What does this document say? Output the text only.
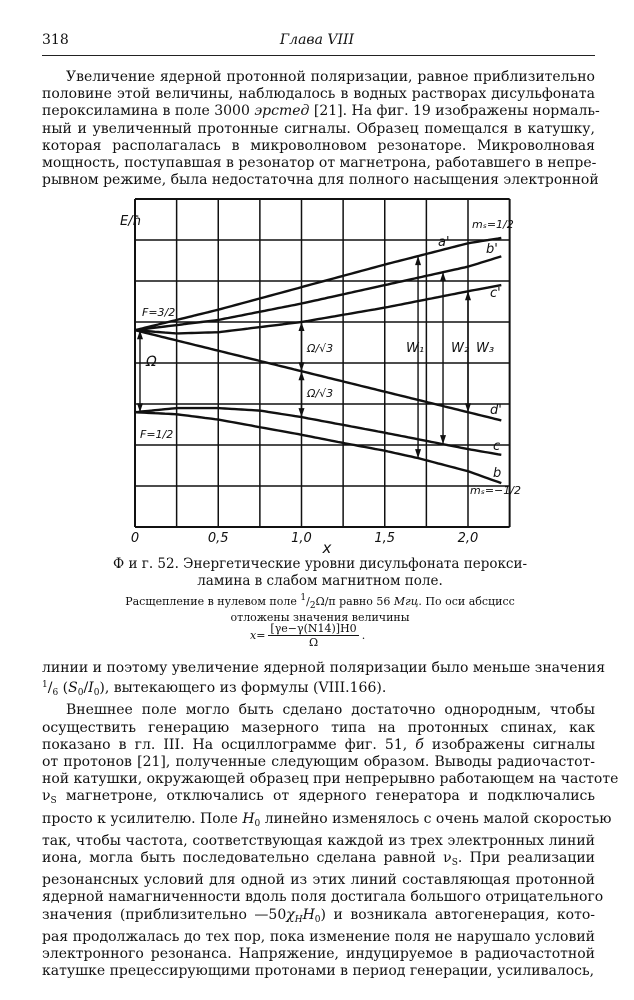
318	Глава VIII
Увеличение ядерной протонной поляризации, равное приблизительно
половине этой величины, наблюдалось в водных растворах дисульфоната
пероксиламина в поле 3000 эрстед [21]. На фиг. 19 изображены нормаль-
ный и увеличенный протонные сигналы. Образец помещался в катушку,
которая располагалась в микроволновом резонаторе. Микроволновая
мощность, поступавшая в резонатор от магнетрона, работавшего в непре-
рывном режиме, была недостаточна для полного насыщения электронной
a'	b'
c'
d'
c
b
W₁ W₂ W₃
F=3/2
F=1/2
mₛ=1/2
mₛ=−1/2
Ω
Ω/√3
Ω/√3
E/ħ
x
0	0,5	1,0	1,5	2,0
Ф и г. 52. Энергетические уровни дисульфоната перокси-
ламина в слабом магнитном поле.
Расщепление в нулевом поле $^1/_2\Omega/\pi$ равно 56 Мгц. По оси абсцисс
отложены значения величины
$x= \frac{[\gamma e-\gamma(N14)]H0}{\Omega}$ .
линии и поэтому увеличение ядерной поляризации было меньше значения
$^1/_6$ $(S_0/I_0)$, вытекающего из формулы (VIII.166).
Внешнее поле могло быть сделано достаточно однородным, чтобы
осуществить генерацию мазерного типа на протонных спинах, как
показано в гл. III. На осциллограмме фиг. 51, б изображены сигналы
от протонов [21], полученные следующим образом. Выводы радиочастот-
ной катушки, окружающей образец при непрерывно работающем на частоте
$\nu_S$ магнетроне, отключались от ядерного генератора и подключались
просто к усилителю. Поле $H_0$ линейно изменялось с очень малой скоростью
так, чтобы частота, соответствующая каждой из трех электронных линий
иона, могла быть последовательно сделана равной $\nu_S$. При реализации
резонансных условий для одной из этих линий составляющая протонной
ядерной намагниченности вдоль поля достигала большого отрицательного
значения (приблизительно $—50\chi_HH_0$) и возникала автогенерация, кото-
рая продолжалась до тех пор, пока изменение поля не нарушало условий
электронного резонанса. Напряжение, индуцируемое в радиочастотной
катушке прецессирующими протонами в период генерации, усиливалось,
